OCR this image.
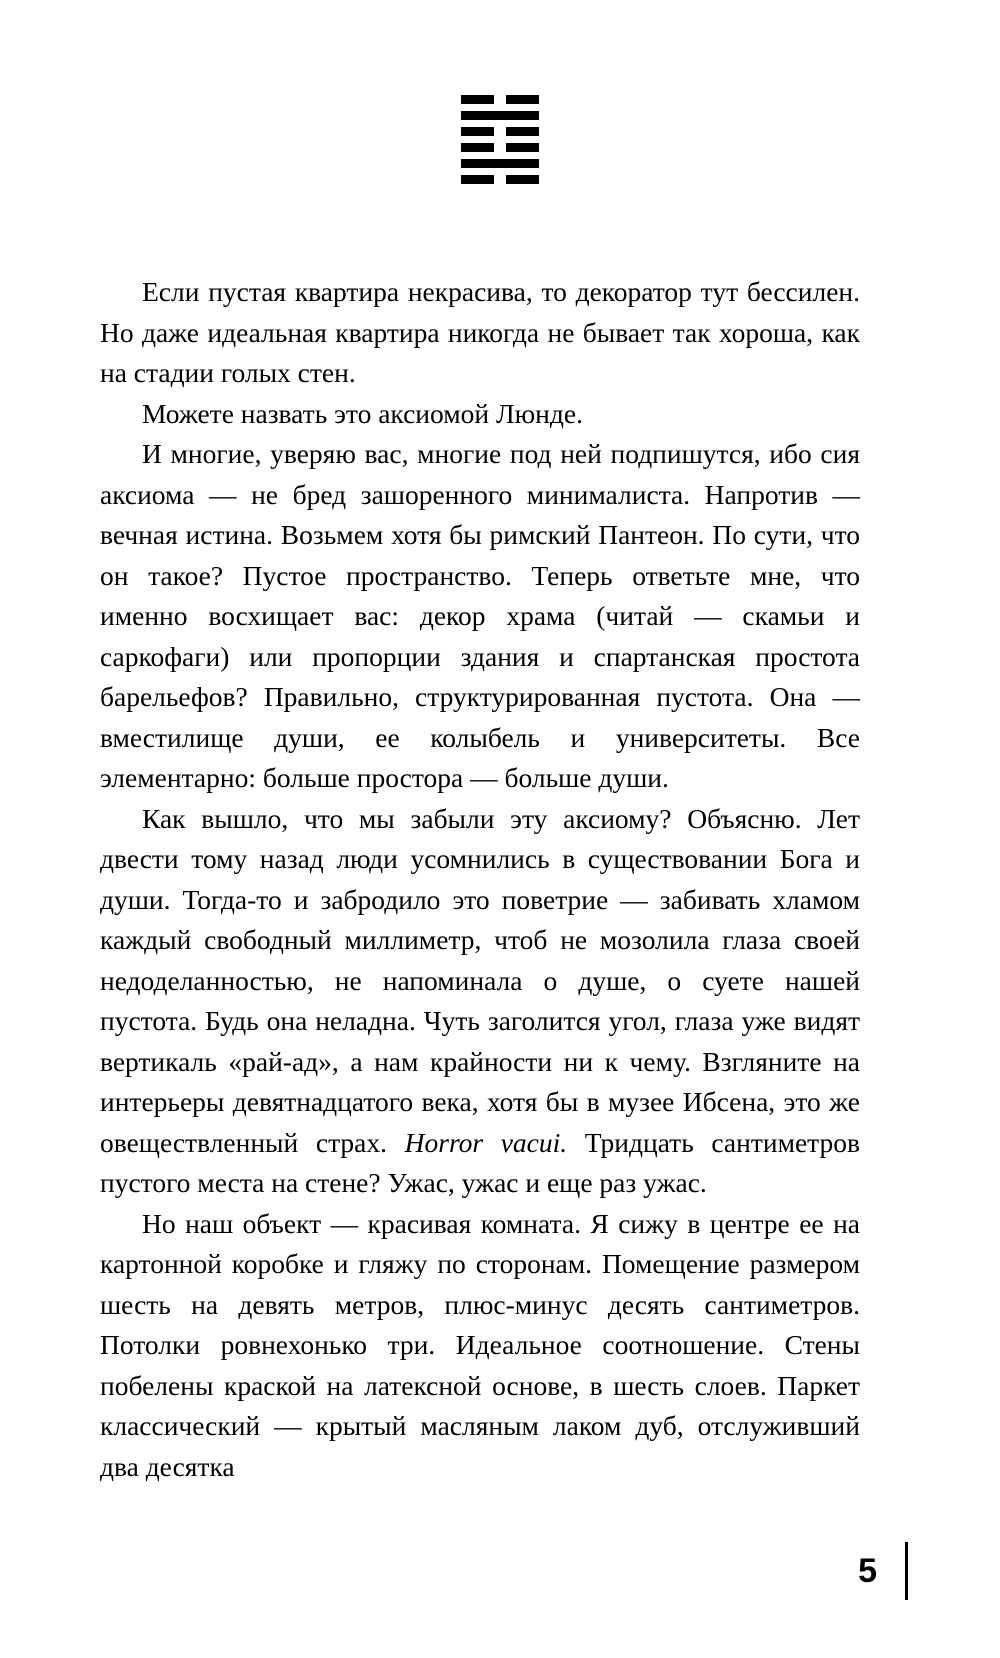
Если пустая квартира некрасива, то декоратор тут бессилен. Но даже идеальная квартира никогда не бывает так хороша, как на стадии голых стен.

Можете назвать это аксиомой Люнде.

И многие, уверяю вас, многие под ней подпишутся, ибо сия аксиома — не бред зашоренного минималиста. Напротив — вечная истина. Возьмем хотя бы римский Пантеон. По сути, что он такое? Пустое пространство. Теперь ответьте мне, что именно восхищает вас: декор храма (читай — скамьи и саркофаги) или пропорции здания и спартанская простота барельефов? Правильно, структурированная пустота. Она — вместилище души, ее колыбель и университеты. Все элементарно: больше простора — больше души.

Как вышло, что мы забыли эту аксиому? Объясню. Лет двести тому назад люди усомнились в существовании Бога и души. Тогда-то и забродило это поветрие — забивать хламом каждый свободный миллиметр, чтоб не мозолила глаза своей недоделанностью, не напоминала о душе, о суете нашей пустота. Будь она неладна. Чуть заголится угол, глаза уже видят вертикаль «рай-ад», а нам крайности ни к чему. Взгляните на интерьеры девятнадцатого века, хотя бы в музее Ибсена, это же овеществленный страх. Horror vacui. Тридцать сантиметров пустого места на стене? Ужас, ужас и еще раз ужас.

Но наш объект — красивая комната. Я сижу в центре ее на картонной коробке и гляжу по сторонам. Помещение размером шесть на девять метров, плюс-минус десять сантиметров. Потолки ровнехонько три. Идеальное соотношение. Стены побелены краской на латексной основе, в шесть слоев. Паркет классический — крытый масляным лаком дуб, отслуживший два десятка

5
